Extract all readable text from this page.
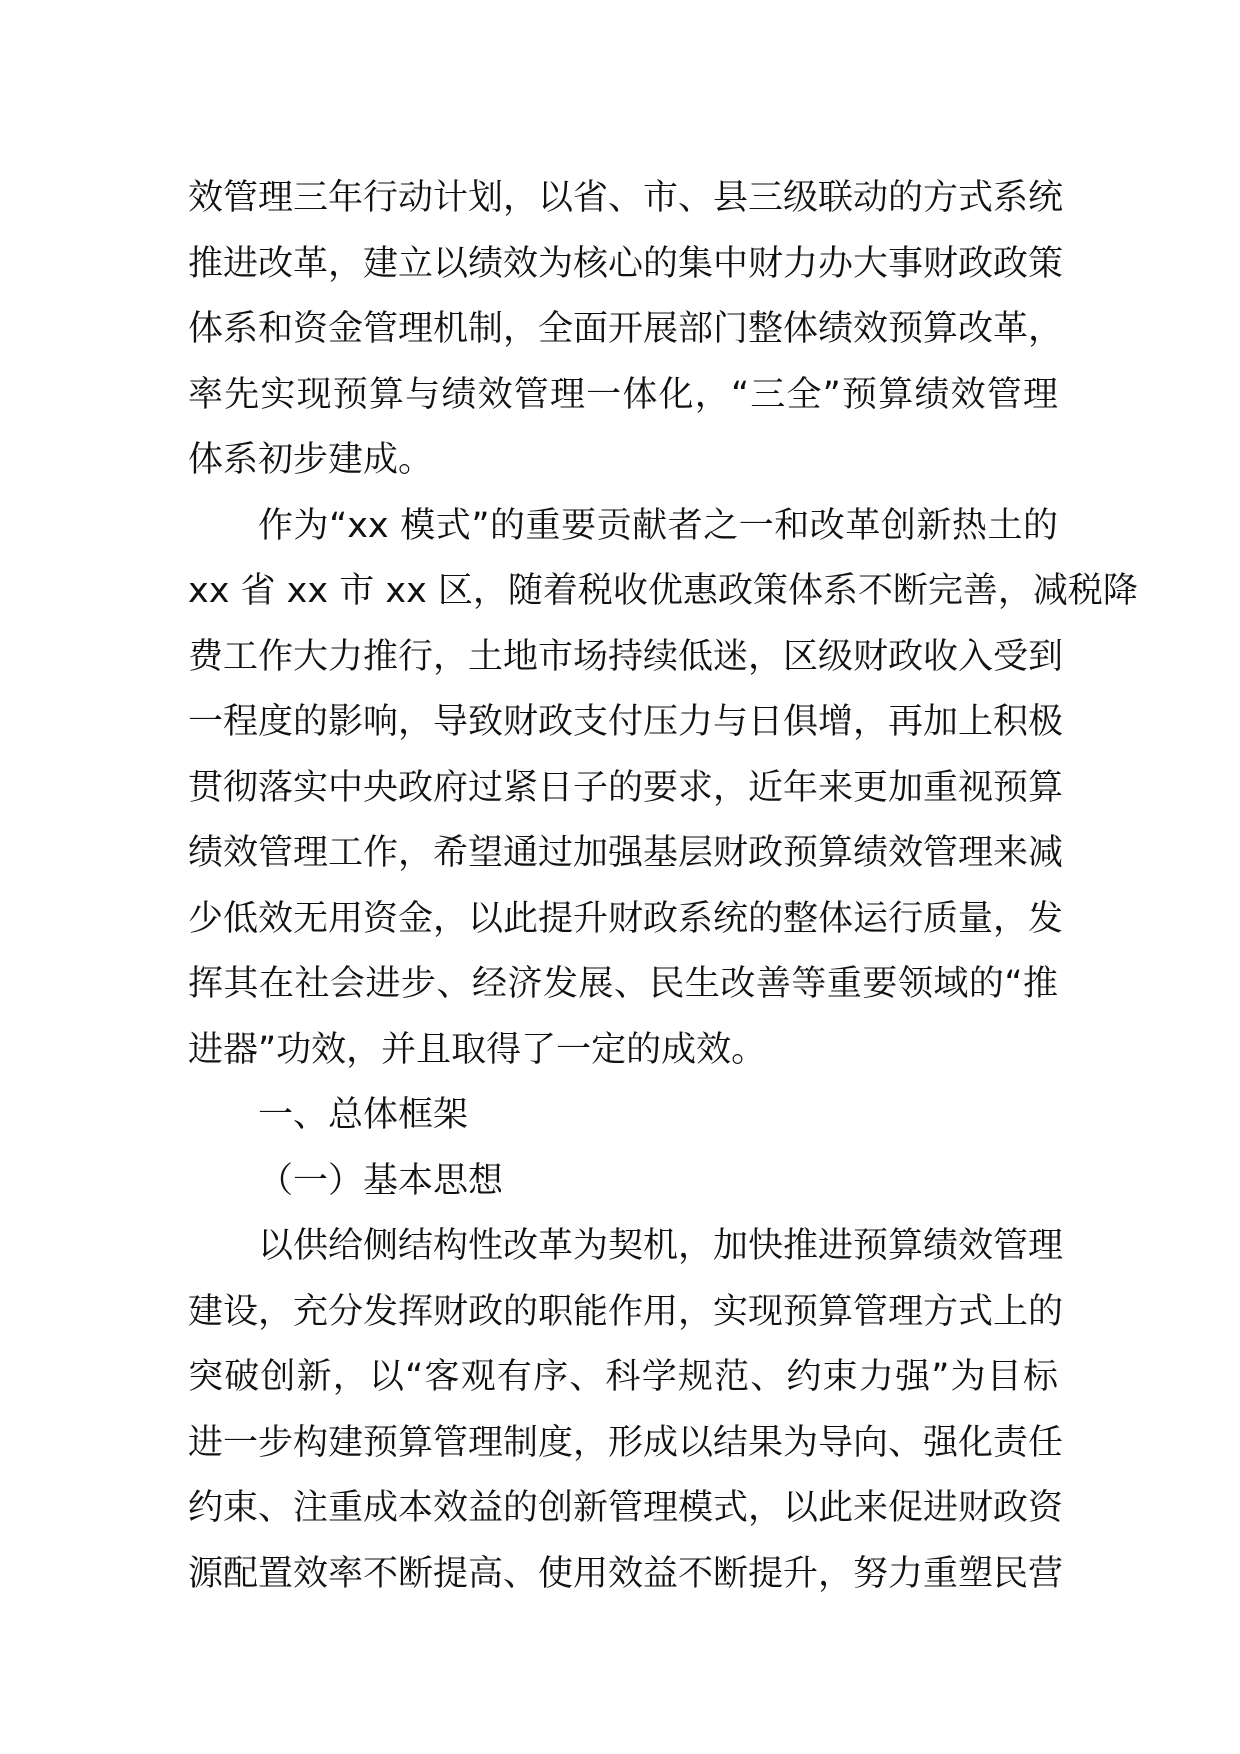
效管理三年行动计划，以省、市、县三级联动的方式系统
推进改革，建立以绩效为核心的集中财力办大事财政政策
体系和资金管理机制，全面开展部门整体绩效预算改革，
率先实现预算与绩效管理一体化，“三全”预算绩效管理
体系初步建成。
作为“xx 模式”的重要贡献者之一和改革创新热土的
xx 省 xx 市 xx 区，随着税收优惠政策体系不断完善，减税降
费工作大力推行，土地市场持续低迷，区级财政收入受到
一程度的影响，导致财政支付压力与日俱增，再加上积极
贯彻落实中央政府过紧日子的要求，近年来更加重视预算
绩效管理工作，希望通过加强基层财政预算绩效管理来减
少低效无用资金，以此提升财政系统的整体运行质量，发
挥其在社会进步、经济发展、民生改善等重要领域的“推
进器”功效，并且取得了一定的成效。
一、总体框架
（一）基本思想
以供给侧结构性改革为契机，加快推进预算绩效管理
建设，充分发挥财政的职能作用，实现预算管理方式上的
突破创新，以“客观有序、科学规范、约束力强”为目标
进一步构建预算管理制度，形成以结果为导向、强化责任
约束、注重成本效益的创新管理模式，以此来促进财政资
源配置效率不断提高、使用效益不断提升，努力重塑民营
